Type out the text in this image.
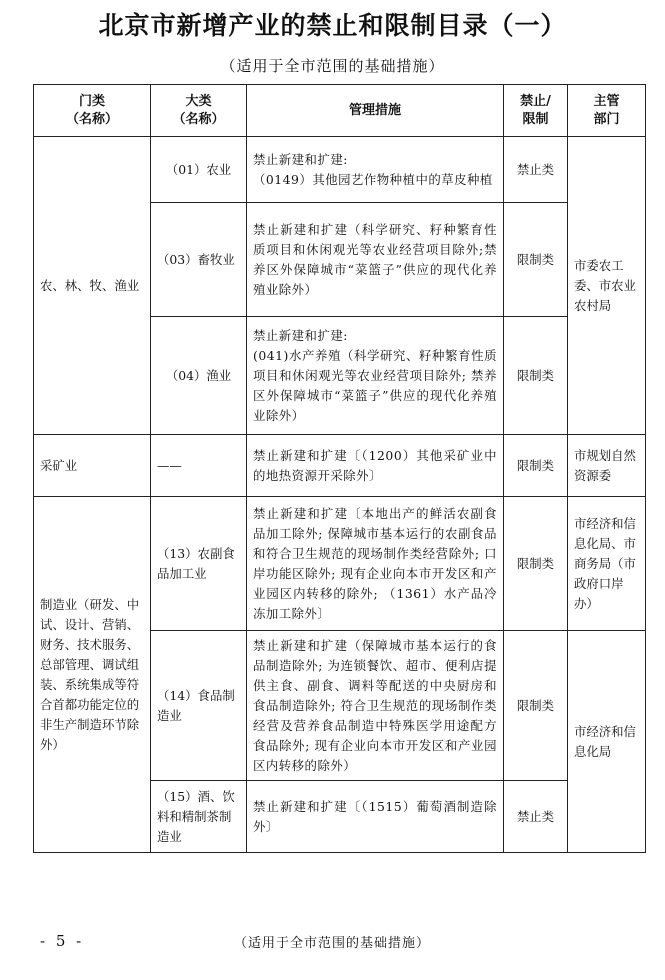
北京市新增产业的禁止和限制目录（一）
（适用于全市范围的基础措施）
门类
（名称）	大类
（名称）	管理措施	禁止/
限制	主管
部门
农、林、牧、渔业	（01）农业	禁止新建和扩建:
（0149）其他园艺作物种植中的草皮种植	禁止类	市委农工委、市农业农村局
	（03）畜牧业	禁止新建和扩建（科学研究、籽种繁育性质项目和休闲观光等农业经营项目除外;禁养区外保障城市“菜篮子”供应的现代化养殖业除外）	限制类	
	（04）渔业	禁止新建和扩建:
(041)水产养殖（科学研究、籽种繁育性质项目和休闲观光等农业经营项目除外; 禁养区外保障城市“菜篮子”供应的现代化养殖业除外）	限制类	
采矿业	——	禁止新建和扩建〔（1200）其他采矿业中的地热资源开采除外〕	限制类	市规划自然资源委
制造业（研发、中试、设计、营销、财务、技术服务、总部管理、调试组装、系统集成等符合首都功能定位的非生产制造环节除外）	（13）农副食品加工业	禁止新建和扩建〔本地出产的鲜活农副食品加工除外; 保障城市基本运行的农副食品和符合卫生规范的现场制作类经营除外; 口岸功能区除外; 现有企业向本市开发区和产业园区内转移的除外; （1361）水产品冷冻加工除外〕	限制类	市经济和信息化局、市商务局（市政府口岸办）
	（14）食品制造业	禁止新建和扩建（保障城市基本运行的食品制造除外; 为连锁餐饮、超市、便利店提供主食、副食、调料等配送的中央厨房和食品制造除外; 符合卫生规范的现场制作类经营及营养食品制造中特殊医学用途配方食品除外; 现有企业向本市开发区和产业园区内转移的除外）	限制类	市经济和信息化局
	（15）酒、饮料和精制茶制造业	禁止新建和扩建〔（1515）葡萄酒制造除外〕	禁止类	
- 5 -	（适用于全市范围的基础措施）
